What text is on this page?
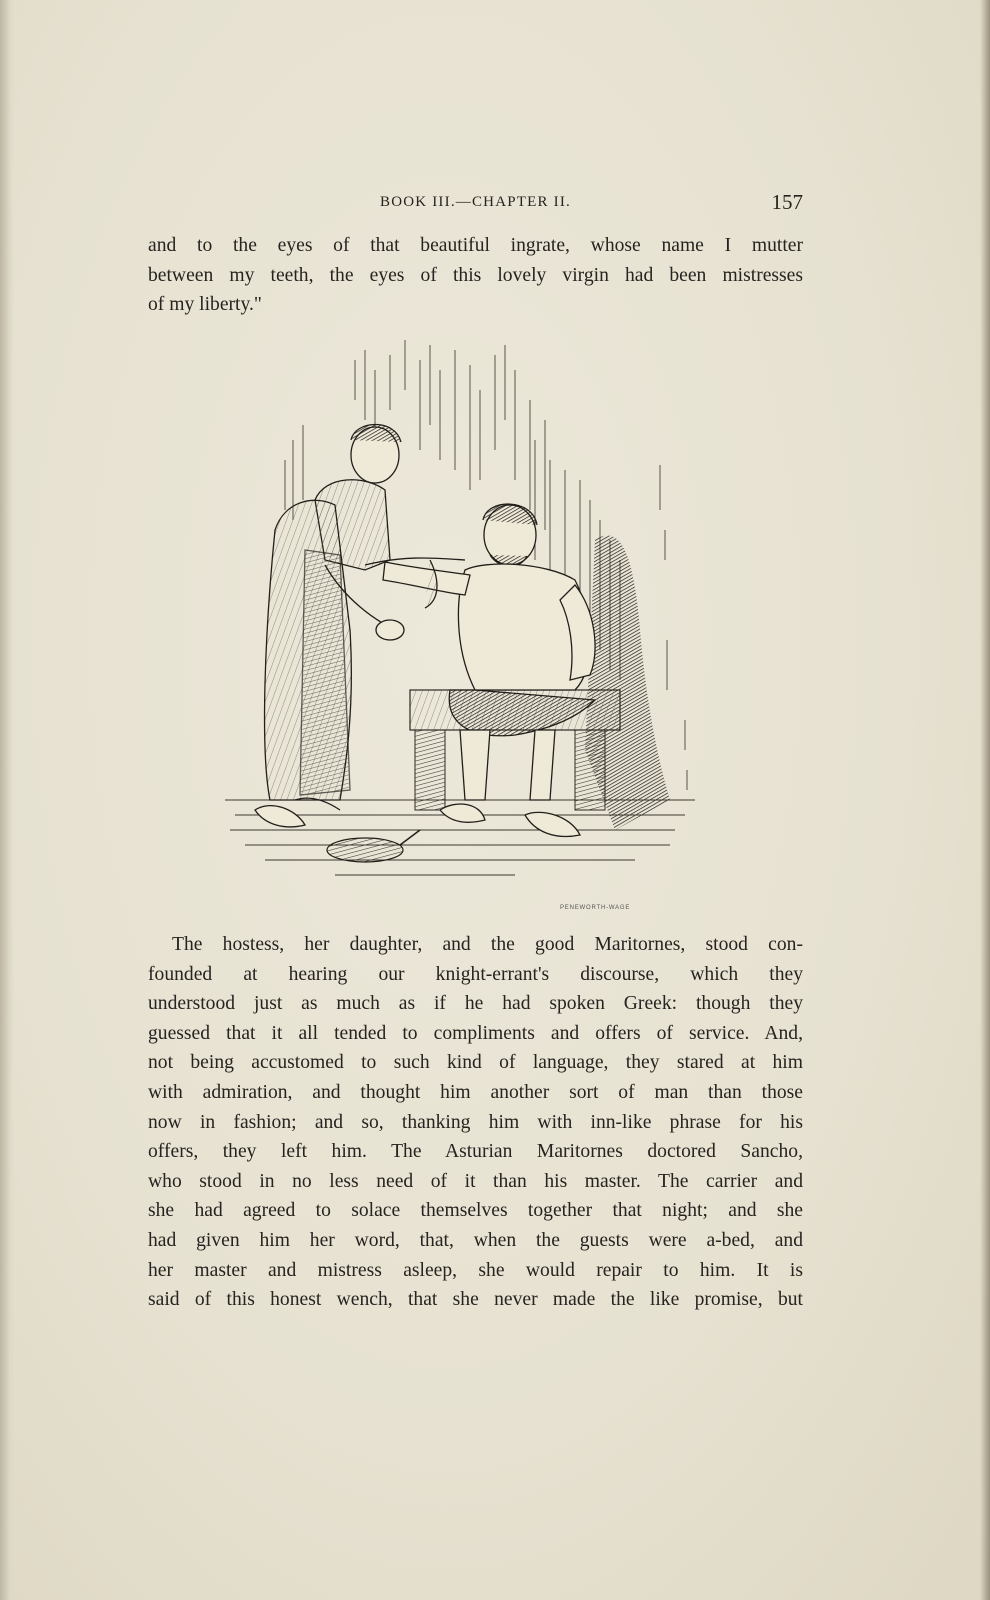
BOOK III.—CHAPTER II.	157
and to the eyes of that beautiful ingrate, whose name I mutter
between my teeth, the eyes of this lovely virgin had been mistresses
of my liberty."
PENEWORTH-WAGE
The hostess, her daughter, and the good Maritornes, stood con-
founded at hearing our knight-errant's discourse, which they
understood just as much as if he had spoken Greek: though they
guessed that it all tended to compliments and offers of service. And,
not being accustomed to such kind of language, they stared at him
with admiration, and thought him another sort of man than those
now in fashion; and so, thanking him with inn-like phrase for his
offers, they left him. The Asturian Maritornes doctored Sancho,
who stood in no less need of it than his master. The carrier and
she had agreed to solace themselves together that night; and she
had given him her word, that, when the guests were a-bed, and
her master and mistress asleep, she would repair to him. It is
said of this honest wench, that she never made the like promise, but
